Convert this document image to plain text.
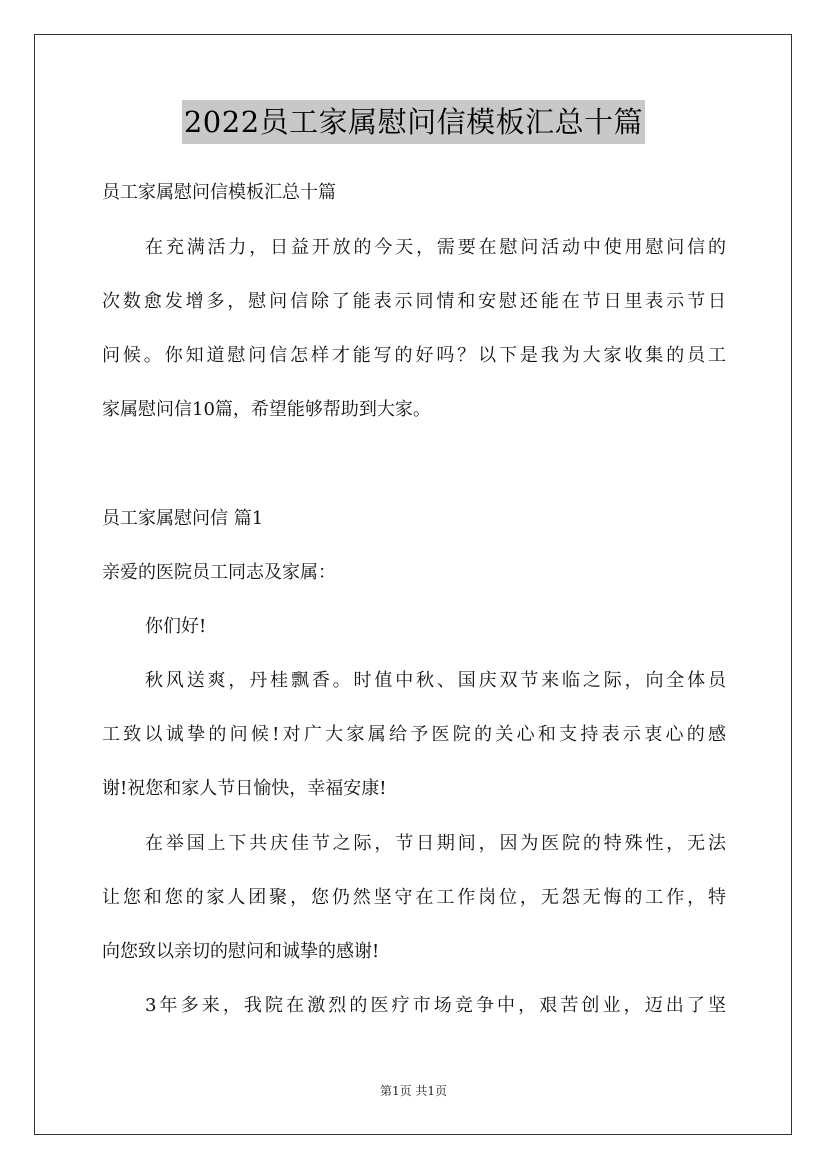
2022员工家属慰问信模板汇总十篇
员工家属慰问信模板汇总十篇
在充满活力，日益开放的今天，需要在慰问活动中使用慰问信的
次数愈发增多，慰问信除了能表示同情和安慰还能在节日里表示节日
问候。你知道慰问信怎样才能写的好吗？以下是我为大家收集的员工
家属慰问信10篇，希望能够帮助到大家。
员工家属慰问信 篇1
亲爱的医院员工同志及家属：
你们好!
秋风送爽，丹桂飘香。时值中秋、国庆双节来临之际，向全体员
工致以诚挚的问候!对广大家属给予医院的关心和支持表示衷心的感
谢!祝您和家人节日愉快，幸福安康!
在举国上下共庆佳节之际，节日期间，因为医院的特殊性，无法
让您和您的家人团聚，您仍然坚守在工作岗位，无怨无悔的工作，特
向您致以亲切的慰问和诚挚的感谢!
3年多来，我院在激烈的医疗市场竞争中，艰苦创业，迈出了坚
第1页 共1页
